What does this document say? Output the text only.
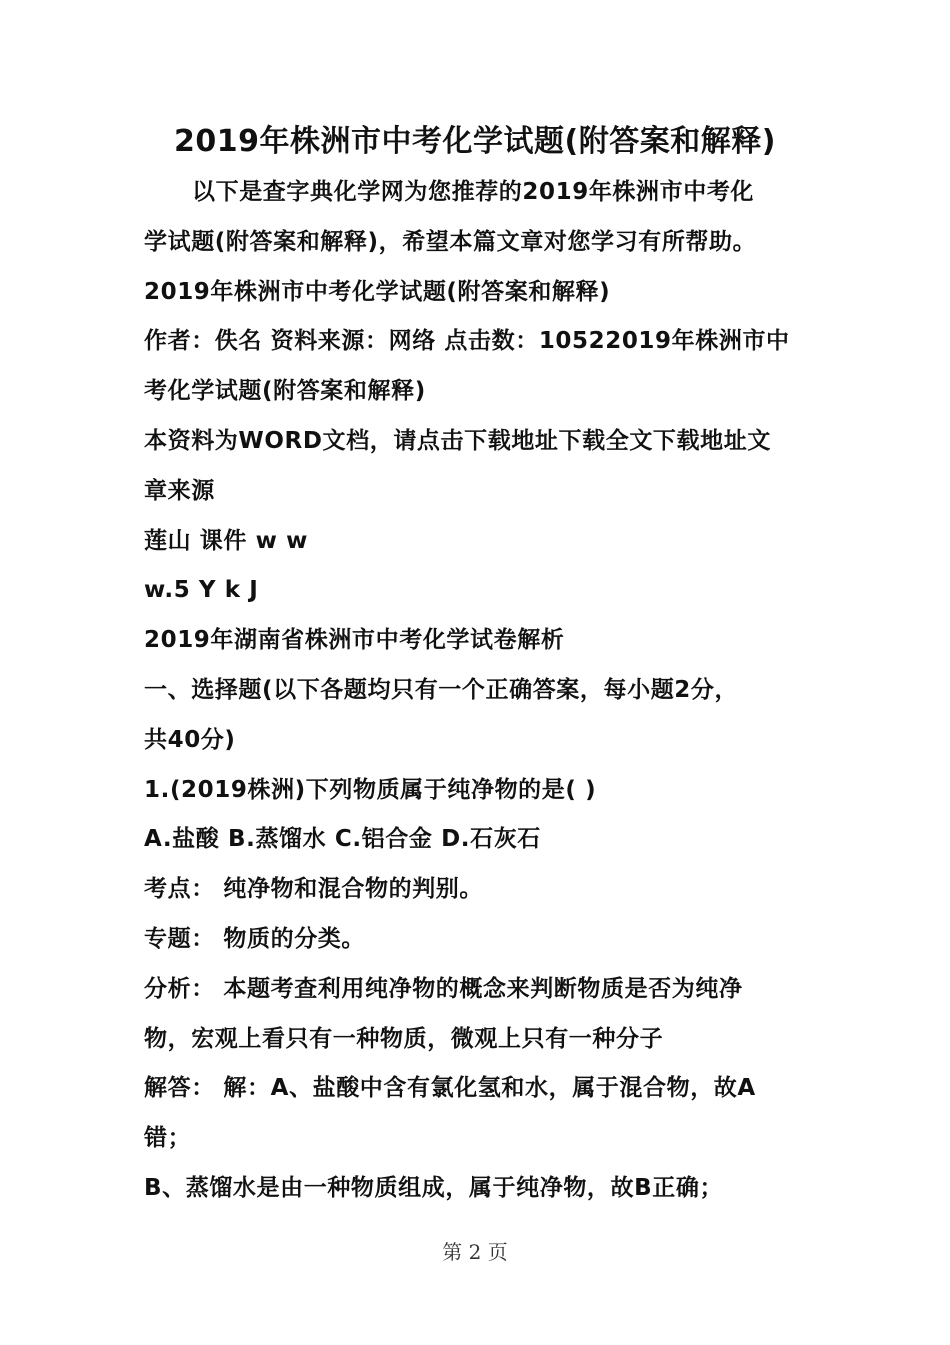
2019年株洲市中考化学试题(附答案和解释)
以下是查字典化学网为您推荐的2019年株洲市中考化
学试题(附答案和解释)，希望本篇文章对您学习有所帮助。
2019年株洲市中考化学试题(附答案和解释)
作者：佚名 资料来源：网络 点击数：10522019年株洲市中
考化学试题(附答案和解释)
本资料为WORD文档，请点击下载地址下载全文下载地址文
章来源
莲山 课件 w w
w.5 Y k J
2019年湖南省株洲市中考化学试卷解析
一、选择题(以下各题均只有一个正确答案，每小题2分，
共40分)
1.(2019株洲)下列物质属于纯净物的是( )
A.盐酸 B.蒸馏水 C.铝合金 D.石灰石
考点： 纯净物和混合物的判别。
专题： 物质的分类。
分析： 本题考查利用纯净物的概念来判断物质是否为纯净
物，宏观上看只有一种物质，微观上只有一种分子
解答： 解：A、盐酸中含有氯化氢和水，属于混合物，故A
错；
B、蒸馏水是由一种物质组成，属于纯净物，故B正确；
第 2 页
